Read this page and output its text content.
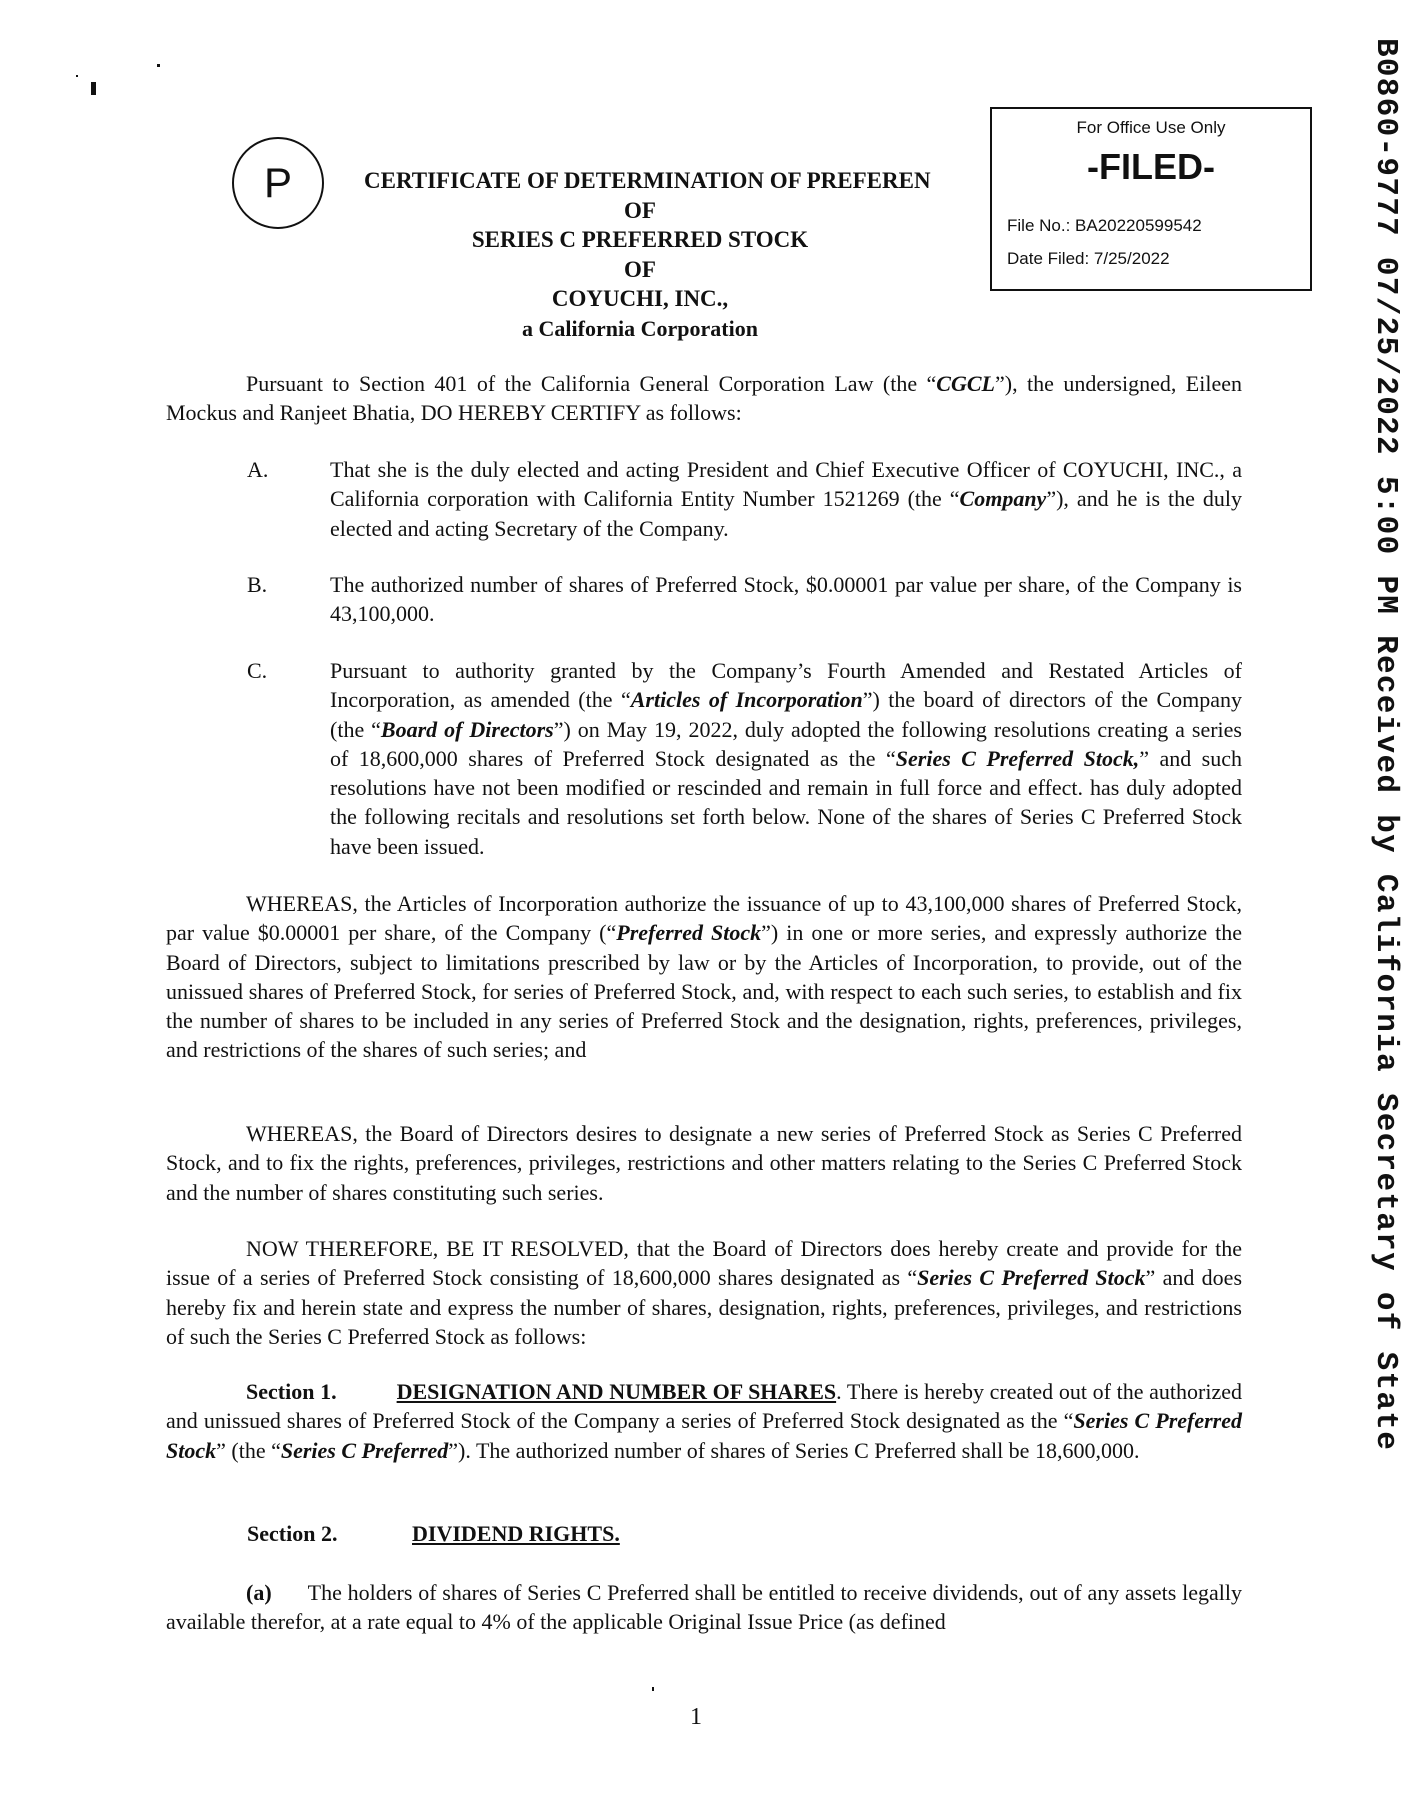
P	CERTIFICATE OF DETERMINATION OF PREFEREN
OF
SERIES C PREFERRED STOCK
OF
COYUCHI, INC.,
a California Corporation
For Office Use Only
-FILED-
File No.: BA20220599542
Date Filed: 7/25/2022	B0860-9777 07/25/2022 5:00 PM Received by California Secretary of State
Pursuant to Section 401 of the California General Corporation Law (the “CGCL”), the undersigned, Eileen Mockus and Ranjeet Bhatia, DO HEREBY CERTIFY as follows:
A.	That she is the duly elected and acting President and Chief Executive Officer of COYUCHI, INC., a California corporation with California Entity Number 1521269 (the “Company”), and he is the duly elected and acting Secretary of the Company.
B.	The authorized number of shares of Preferred Stock, $0.00001 par value per share, of the Company is 43,100,000.
C.	Pursuant to authority granted by the Company’s Fourth Amended and Restated Articles of Incorporation, as amended (the “Articles of Incorporation”) the board of directors of the Company (the “Board of Directors”) on May 19, 2022, duly adopted the following resolutions creating a series of 18,600,000 shares of Preferred Stock designated as the “Series C Preferred Stock,” and such resolutions have not been modified or rescinded and remain in full force and effect. has duly adopted the following recitals and resolutions set forth below. None of the shares of Series C Preferred Stock have been issued.
WHEREAS, the Articles of Incorporation authorize the issuance of up to 43,100,000 shares of Preferred Stock, par value $0.00001 per share, of the Company (“Preferred Stock”) in one or more series, and expressly authorize the Board of Directors, subject to limitations prescribed by law or by the Articles of Incorporation, to provide, out of the unissued shares of Preferred Stock, for series of Preferred Stock, and, with respect to each such series, to establish and fix the number of shares to be included in any series of Preferred Stock and the designation, rights, preferences, privileges, and restrictions of the shares of such series; and
WHEREAS, the Board of Directors desires to designate a new series of Preferred Stock as Series C Preferred Stock, and to fix the rights, preferences, privileges, restrictions and other matters relating to the Series C Preferred Stock and the number of shares constituting such series.
NOW THEREFORE, BE IT RESOLVED, that the Board of Directors does hereby create and provide for the issue of a series of Preferred Stock consisting of 18,600,000 shares designated as “Series C Preferred Stock” and does hereby fix and herein state and express the number of shares, designation, rights, preferences, privileges, and restrictions of such the Series C Preferred Stock as follows:
Section 1.	DESIGNATION AND NUMBER OF SHARES. There is hereby created out of the authorized and unissued shares of Preferred Stock of the Company a series of Preferred Stock designated as the “Series C Preferred Stock” (the “Series C Preferred”). The authorized number of shares of Series C Preferred shall be 18,600,000.
Section 2.	DIVIDEND RIGHTS.
(a) The holders of shares of Series C Preferred shall be entitled to receive dividends, out of any assets legally available therefor, at a rate equal to 4% of the applicable Original Issue Price (as defined
1
